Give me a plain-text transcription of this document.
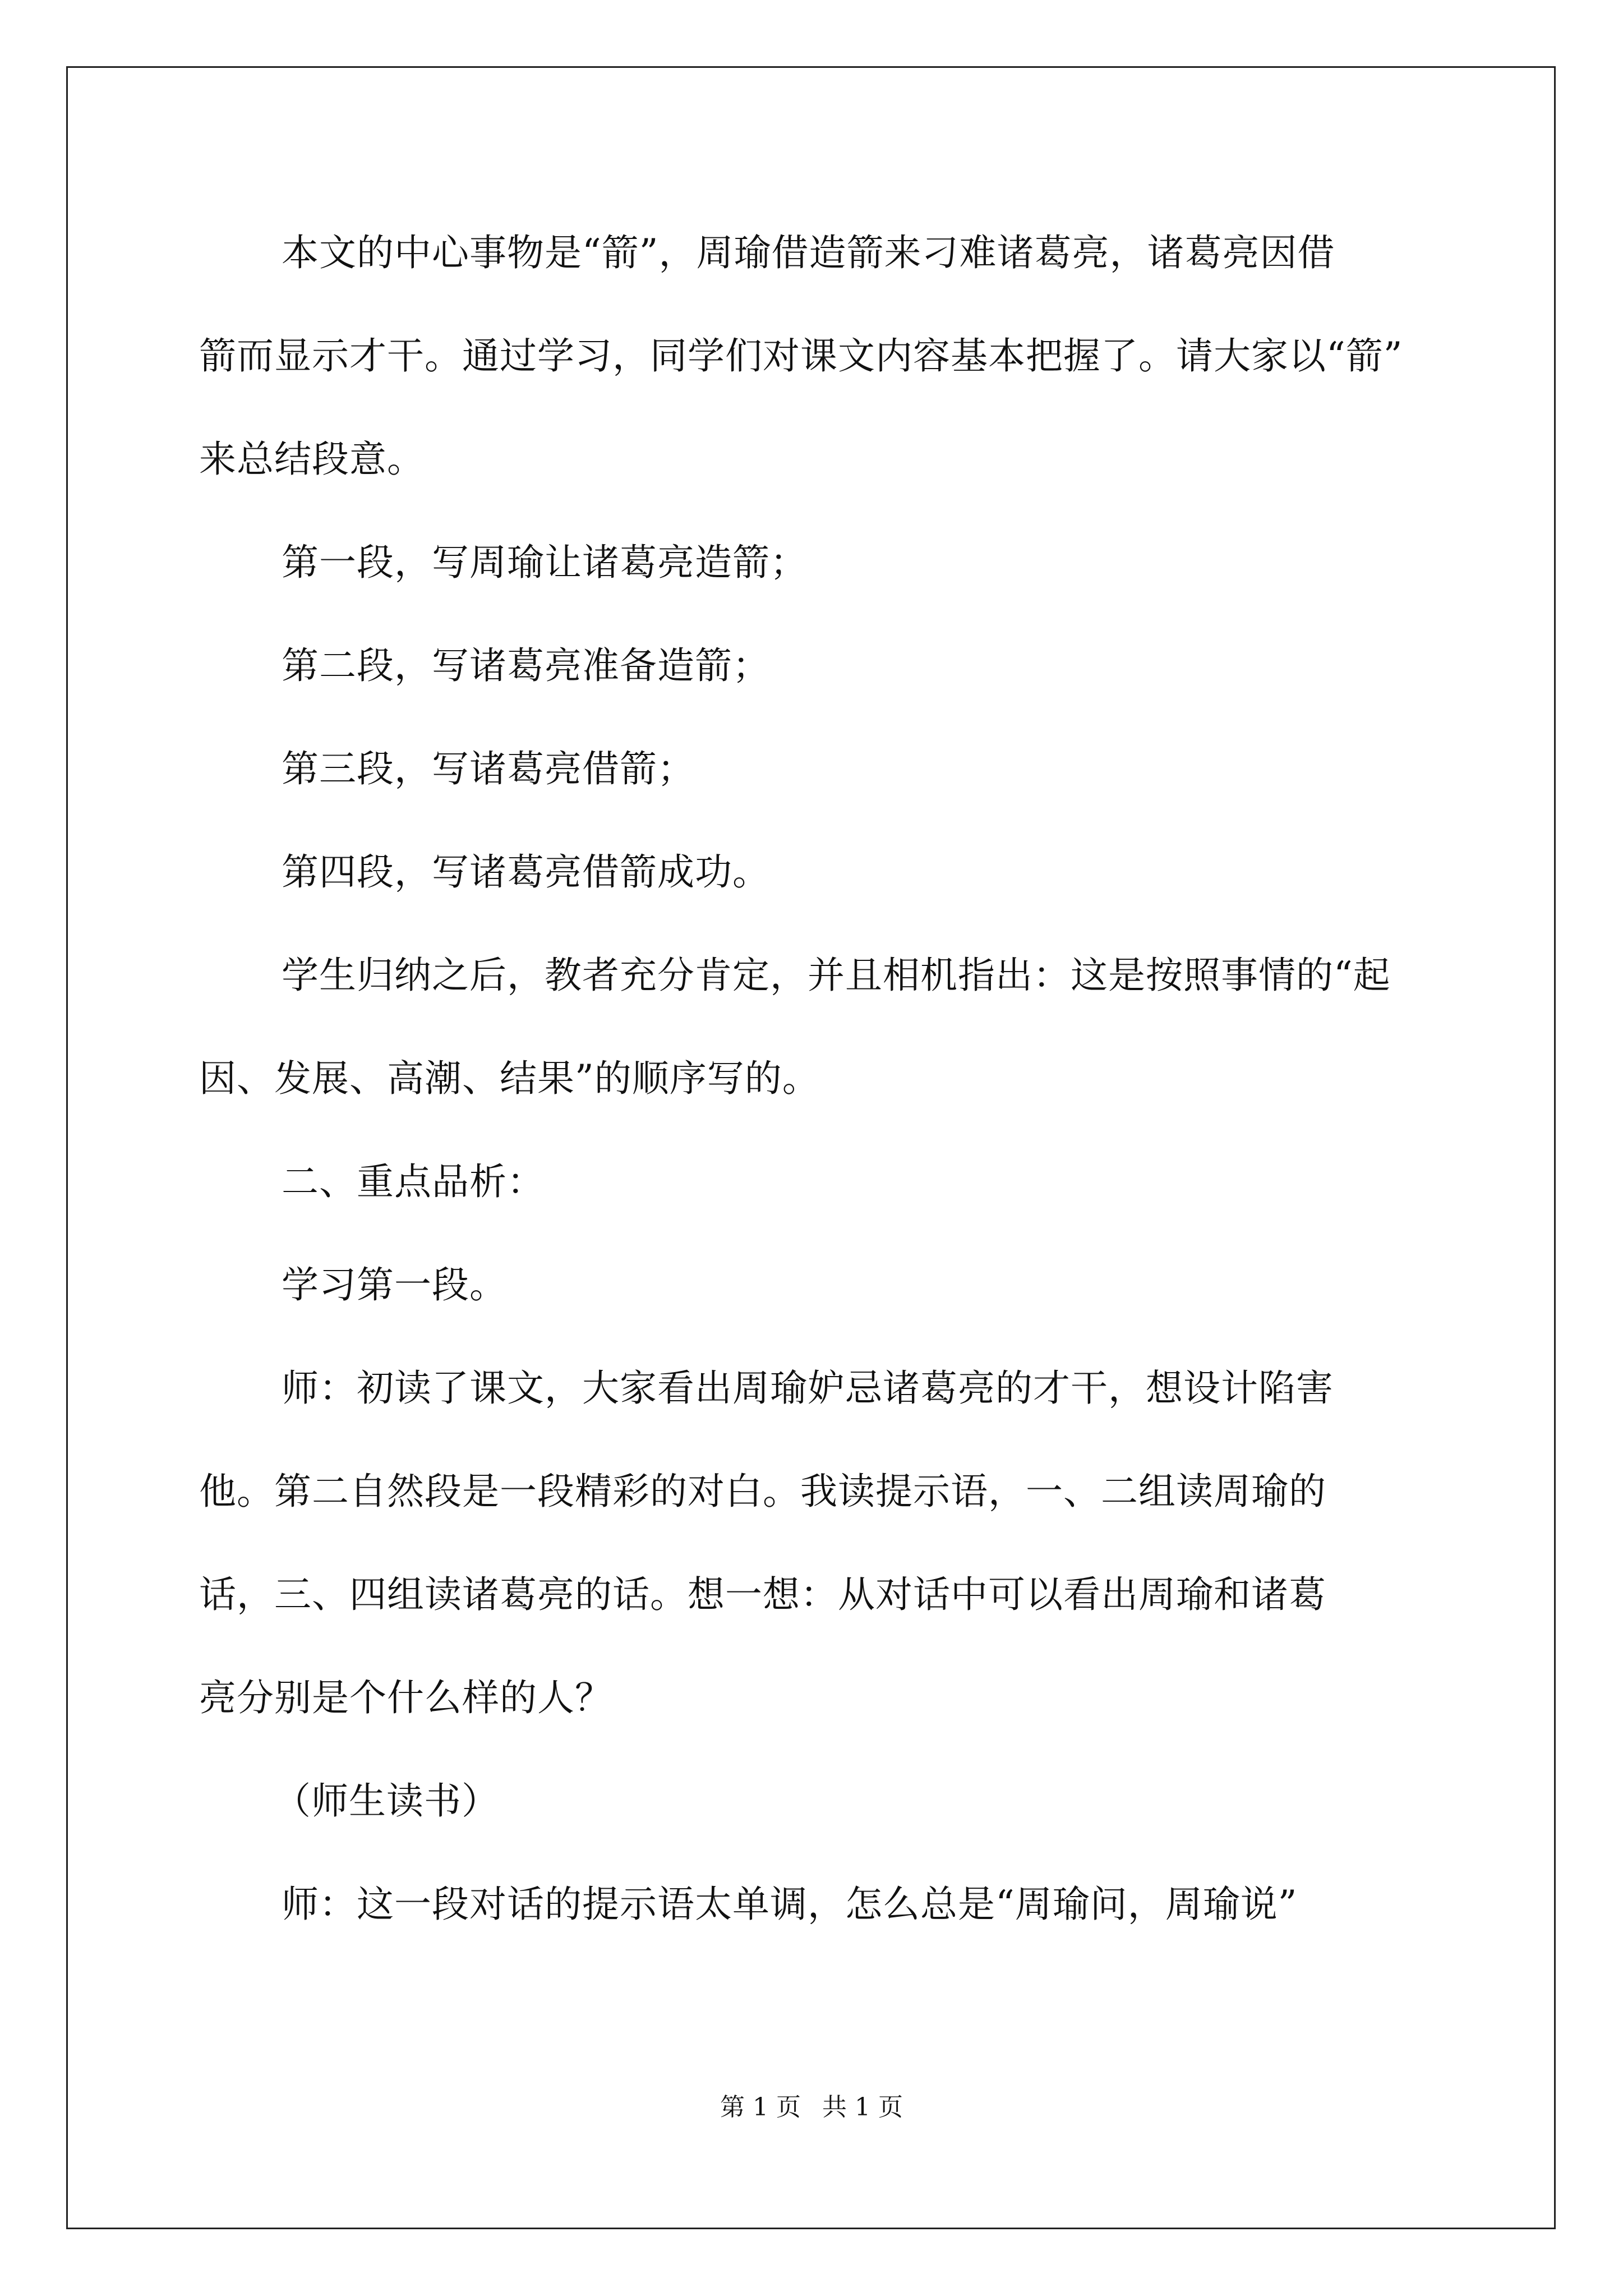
本文的中心事物是“箭”，周瑜借造箭来刁难诸葛亮，诸葛亮因借
箭而显示才干。通过学习，同学们对课文内容基本把握了。请大家以“箭”
来总结段意。
第一段，写周瑜让诸葛亮造箭；
第二段，写诸葛亮准备造箭；
第三段，写诸葛亮借箭；
第四段，写诸葛亮借箭成功。
学生归纳之后，教者充分肯定，并且相机指出：这是按照事情的“起
因、发展、高潮、结果”的顺序写的。
二、重点品析：
学习第一段。
师：初读了课文，大家看出周瑜妒忌诸葛亮的才干，想设计陷害
他。第二自然段是一段精彩的对白。我读提示语，一、二组读周瑜的
话，三、四组读诸葛亮的话。想一想：从对话中可以看出周瑜和诸葛
亮分别是个什么样的人？
（师生读书）
师：这一段对话的提示语太单调，怎么总是“周瑜问，周瑜说”
第 1 页 共 1 页
